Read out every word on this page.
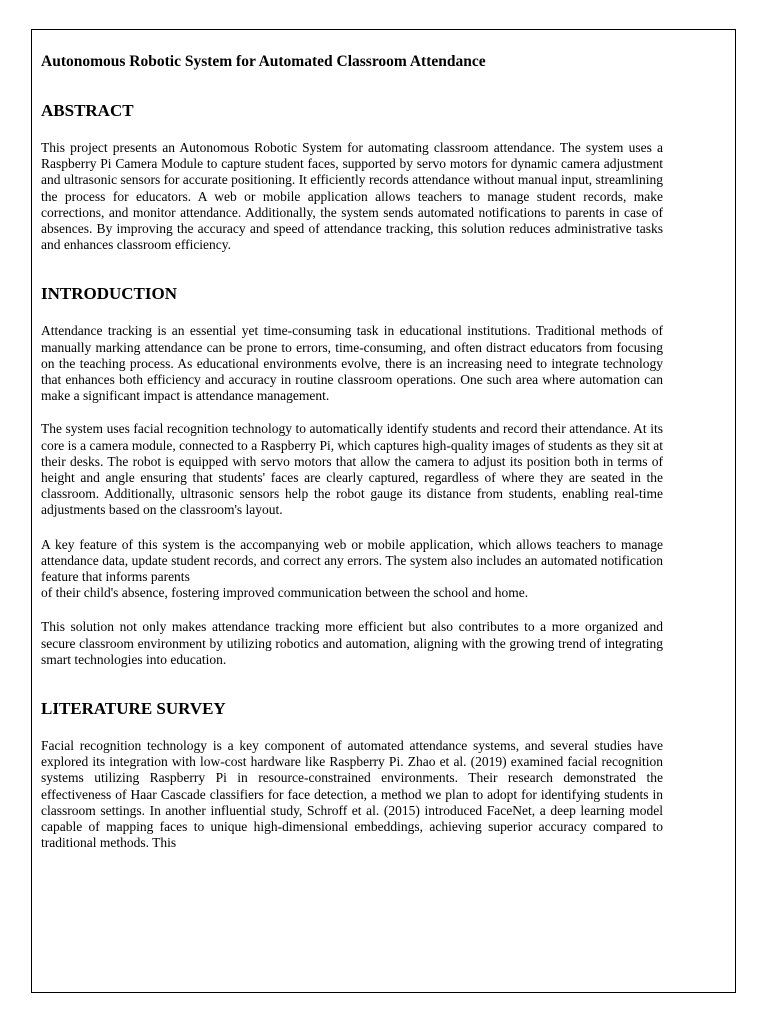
Autonomous Robotic System for Automated Classroom Attendance
ABSTRACT

This project presents an Autonomous Robotic System for automating classroom attendance. The system uses a Raspberry Pi Camera Module to capture student faces, supported by servo motors for dynamic camera adjustment and ultrasonic sensors for accurate positioning. It efficiently records attendance without manual input, streamlining the process for educators. A web or mobile application allows teachers to manage student records, make corrections, and monitor attendance. Additionally, the system sends automated notifications to parents in case of absences. By improving the accuracy and speed of attendance tracking, this solution reduces administrative tasks and enhances classroom efficiency.

INTRODUCTION

Attendance tracking is an essential yet time-consuming task in educational institutions. Traditional methods of manually marking attendance can be prone to errors, time-consuming, and often distract educators from focusing on the teaching process. As educational environments evolve, there is an increasing need to integrate technology that enhances both efficiency and accuracy in routine classroom operations. One such area where automation can make a significant impact is attendance management.

The system uses facial recognition technology to automatically identify students and record their attendance. At its core is a camera module, connected to a Raspberry Pi, which captures high-quality images of students as they sit at their desks. The robot is equipped with servo motors that allow the camera to adjust its position both in terms of height and angle ensuring that students' faces are clearly captured, regardless of where they are seated in the classroom. Additionally, ultrasonic sensors help the robot gauge its distance from students, enabling real-time adjustments based on the classroom's layout.

A key feature of this system is the accompanying web or mobile application, which allows teachers to manage attendance data, update student records, and correct any errors. The system also includes an automated notification feature that informs parents

of their child's absence, fostering improved communication between the school and home.

This solution not only makes attendance tracking more efficient but also contributes to a more organized and secure classroom environment by utilizing robotics and automation, aligning with the growing trend of integrating smart technologies into education.

LITERATURE SURVEY

Facial recognition technology is a key component of automated attendance systems, and several studies have explored its integration with low-cost hardware like Raspberry Pi. Zhao et al. (2019) examined facial recognition systems utilizing Raspberry Pi in resource-constrained environments. Their research demonstrated the effectiveness of Haar Cascade classifiers for face detection, a method we plan to adopt for identifying students in classroom settings. In another influential study, Schroff et al. (2015) introduced FaceNet, a deep learning model capable of mapping faces to unique high-dimensional embeddings, achieving superior accuracy compared to traditional methods. This
